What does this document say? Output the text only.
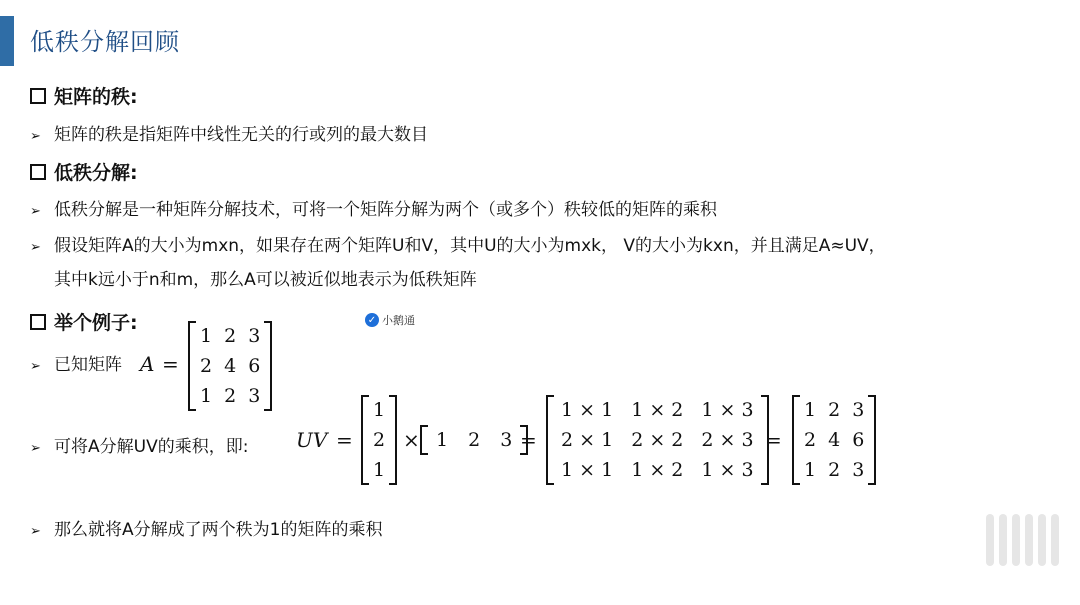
低秩分解回顾
矩阵的秩:
➢ 矩阵的秩是指矩阵中线性无关的行或列的最大数目
低秩分解:
➢ 低秩分解是一种矩阵分解技术，可将一个矩阵分解为两个（或多个）秩较低的矩阵的乘积
➢ 假设矩阵A的大小为mxn，如果存在两个矩阵U和V，其中U的大小为mxk， V的大小为kxn，并且满足A≈UV，
其中k远小于n和m，那么A可以被近似地表示为低秩矩阵
举个例子:	✓ 小鹅通
➢ 已知矩阵 A =
1	2	3
2	4	6
1	2	3
➢ 可将A分解UV的乘积，即: UV =
1
2
1
× 1	2	3 =
1 × 1	1 × 2	1 × 3
2 × 1	2 × 2	2 × 3
1 × 1	1 × 2	1 × 3
=
1	2	3
2	4	6
1	2	3
➢ 那么就将A分解成了两个秩为1的矩阵的乘积
